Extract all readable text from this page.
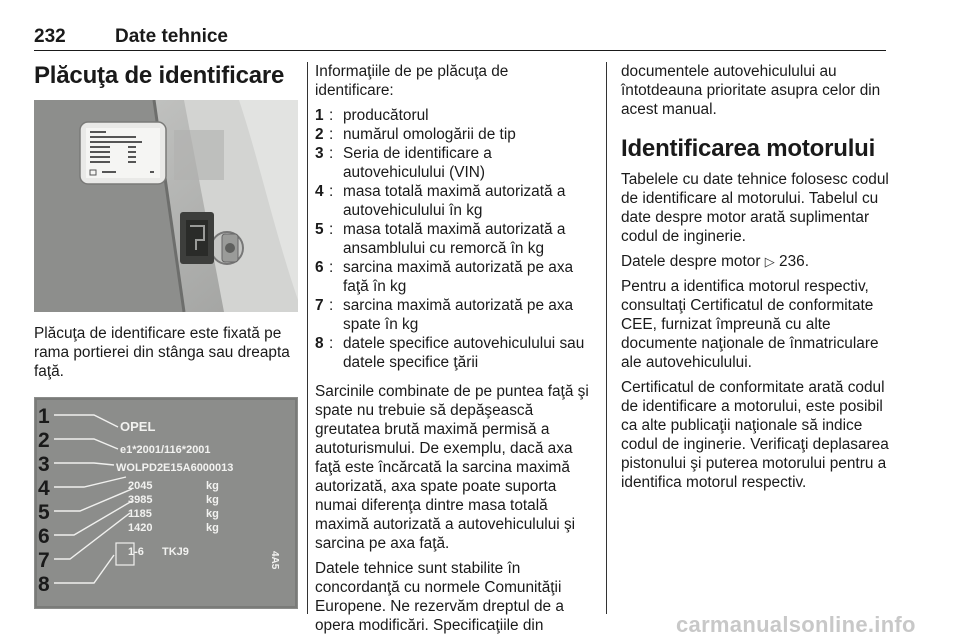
232	Date tehnice
Plăcuţa de identificare
Plăcuţa de identificare este fixată pe rama portierei din stânga sau dreapta faţă.
1
2
3
4
5
6
7
8
OPEL
e1*2001/116*2001
WOLPD2E15A6000013
2045
3985
1185
1420
kg
kg
kg
kg
1-6 TKJ9	4A5
Informaţiile de pe plăcuţa de identificare:
1 : producătorul
2 : numărul omologării de tip
3 : Seria de identificare a autovehiculului (VIN)
4 : masa totală maximă autorizată a autovehiculului în kg
5 : masa totală maximă autorizată a ansamblului cu remorcă în kg
6 : sarcina maximă autorizată pe axa faţă în kg
7 : sarcina maximă autorizată pe axa spate în kg
8 : datele specifice autovehiculului sau datele specifice ţării
Sarcinile combinate de pe puntea faţă şi spate nu trebuie să depăşească greutatea brută maximă permisă a autoturismului. De exemplu, dacă axa faţă este încărcată la sarcina maximă autorizată, axa spate poate suporta numai diferenţa dintre masa totală maximă autorizată a autovehiculului şi sarcina pe axa faţă.
Datele tehnice sunt stabilite în concordanţă cu normele Comunităţii Europene. Ne rezervăm dreptul de a opera modificări. Specificaţiile din
documentele autovehiculului au întotdeauna prioritate asupra celor din acest manual.
Identificarea motorului
Tabelele cu date tehnice folosesc codul de identificare al motorului. Tabelul cu date despre motor arată suplimentar codul de inginerie.
Datele despre motor ▷ 236.
Pentru a identifica motorul respectiv, consultaţi Certificatul de conformitate CEE, furnizat împreună cu alte documente naţionale de înmatriculare ale autovehiculului.
Certificatul de conformitate arată codul de identificare a motorului, este posibil ca alte publicaţii naţionale să indice codul de inginerie. Verificaţi deplasarea pistonului şi puterea motorului pentru a identifica motorul respectiv.
carmanualsonline.info
